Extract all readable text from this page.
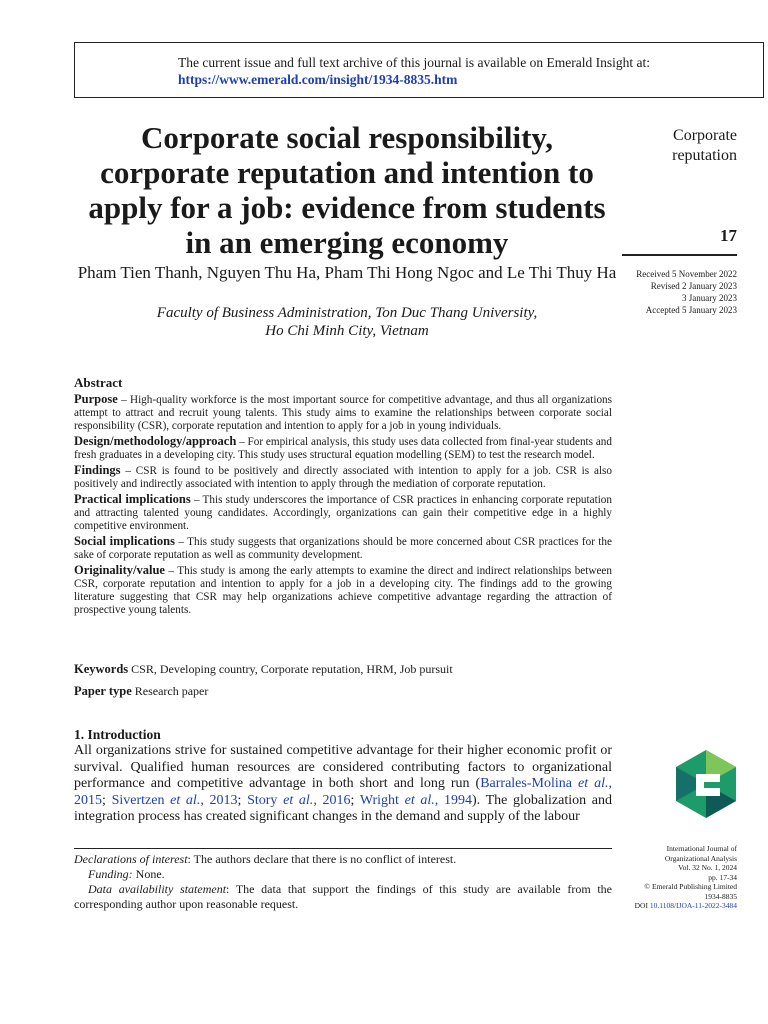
The current issue and full text archive of this journal is available on Emerald Insight at:
https://www.emerald.com/insight/1934-8835.htm
Corporate social responsibility, corporate reputation and intention to apply for a job: evidence from students in an emerging economy
Pham Tien Thanh, Nguyen Thu Ha, Pham Thi Hong Ngoc and Le Thi Thuy Ha
Faculty of Business Administration, Ton Duc Thang University,
Ho Chi Minh City, Vietnam
Corporate reputation
17
Received 5 November 2022
Revised 2 January 2023
3 January 2023
Accepted 5 January 2023
Abstract
Purpose – High-quality workforce is the most important source for competitive advantage, and thus all organizations attempt to attract and recruit young talents. This study aims to examine the relationships between corporate social responsibility (CSR), corporate reputation and intention to apply for a job in young individuals.
Design/methodology/approach – For empirical analysis, this study uses data collected from final-year students and fresh graduates in a developing city. This study uses structural equation modelling (SEM) to test the research model.
Findings – CSR is found to be positively and directly associated with intention to apply for a job. CSR is also positively and indirectly associated with intention to apply through the mediation of corporate reputation.
Practical implications – This study underscores the importance of CSR practices in enhancing corporate reputation and attracting talented young candidates. Accordingly, organizations can gain their competitive edge in a highly competitive environment.
Social implications – This study suggests that organizations should be more concerned about CSR practices for the sake of corporate reputation as well as community development.
Originality/value – This study is among the early attempts to examine the direct and indirect relationships between CSR, corporate reputation and intention to apply for a job in a developing city. The findings add to the growing literature suggesting that CSR may help organizations achieve competitive advantage regarding the attraction of prospective young talents.
Keywords CSR, Developing country, Corporate reputation, HRM, Job pursuit
Paper type Research paper
1. Introduction
All organizations strive for sustained competitive advantage for their higher economic profit or survival. Qualified human resources are considered contributing factors to organizational performance and competitive advantage in both short and long run (Barrales-Molina et al., 2015; Sivertzen et al., 2013; Story et al., 2016; Wright et al., 1994). The globalization and integration process has created significant changes in the demand and supply of the labour
Declarations of interest: The authors declare that there is no conflict of interest.
Funding: None.
Data availability statement: The data that support the findings of this study are available from the corresponding author upon reasonable request.
International Journal of
Organizational Analysis
Vol. 32 No. 1, 2024
pp. 17-34
© Emerald Publishing Limited
1934-8835
DOI 10.1108/IJOA-11-2022-3484
